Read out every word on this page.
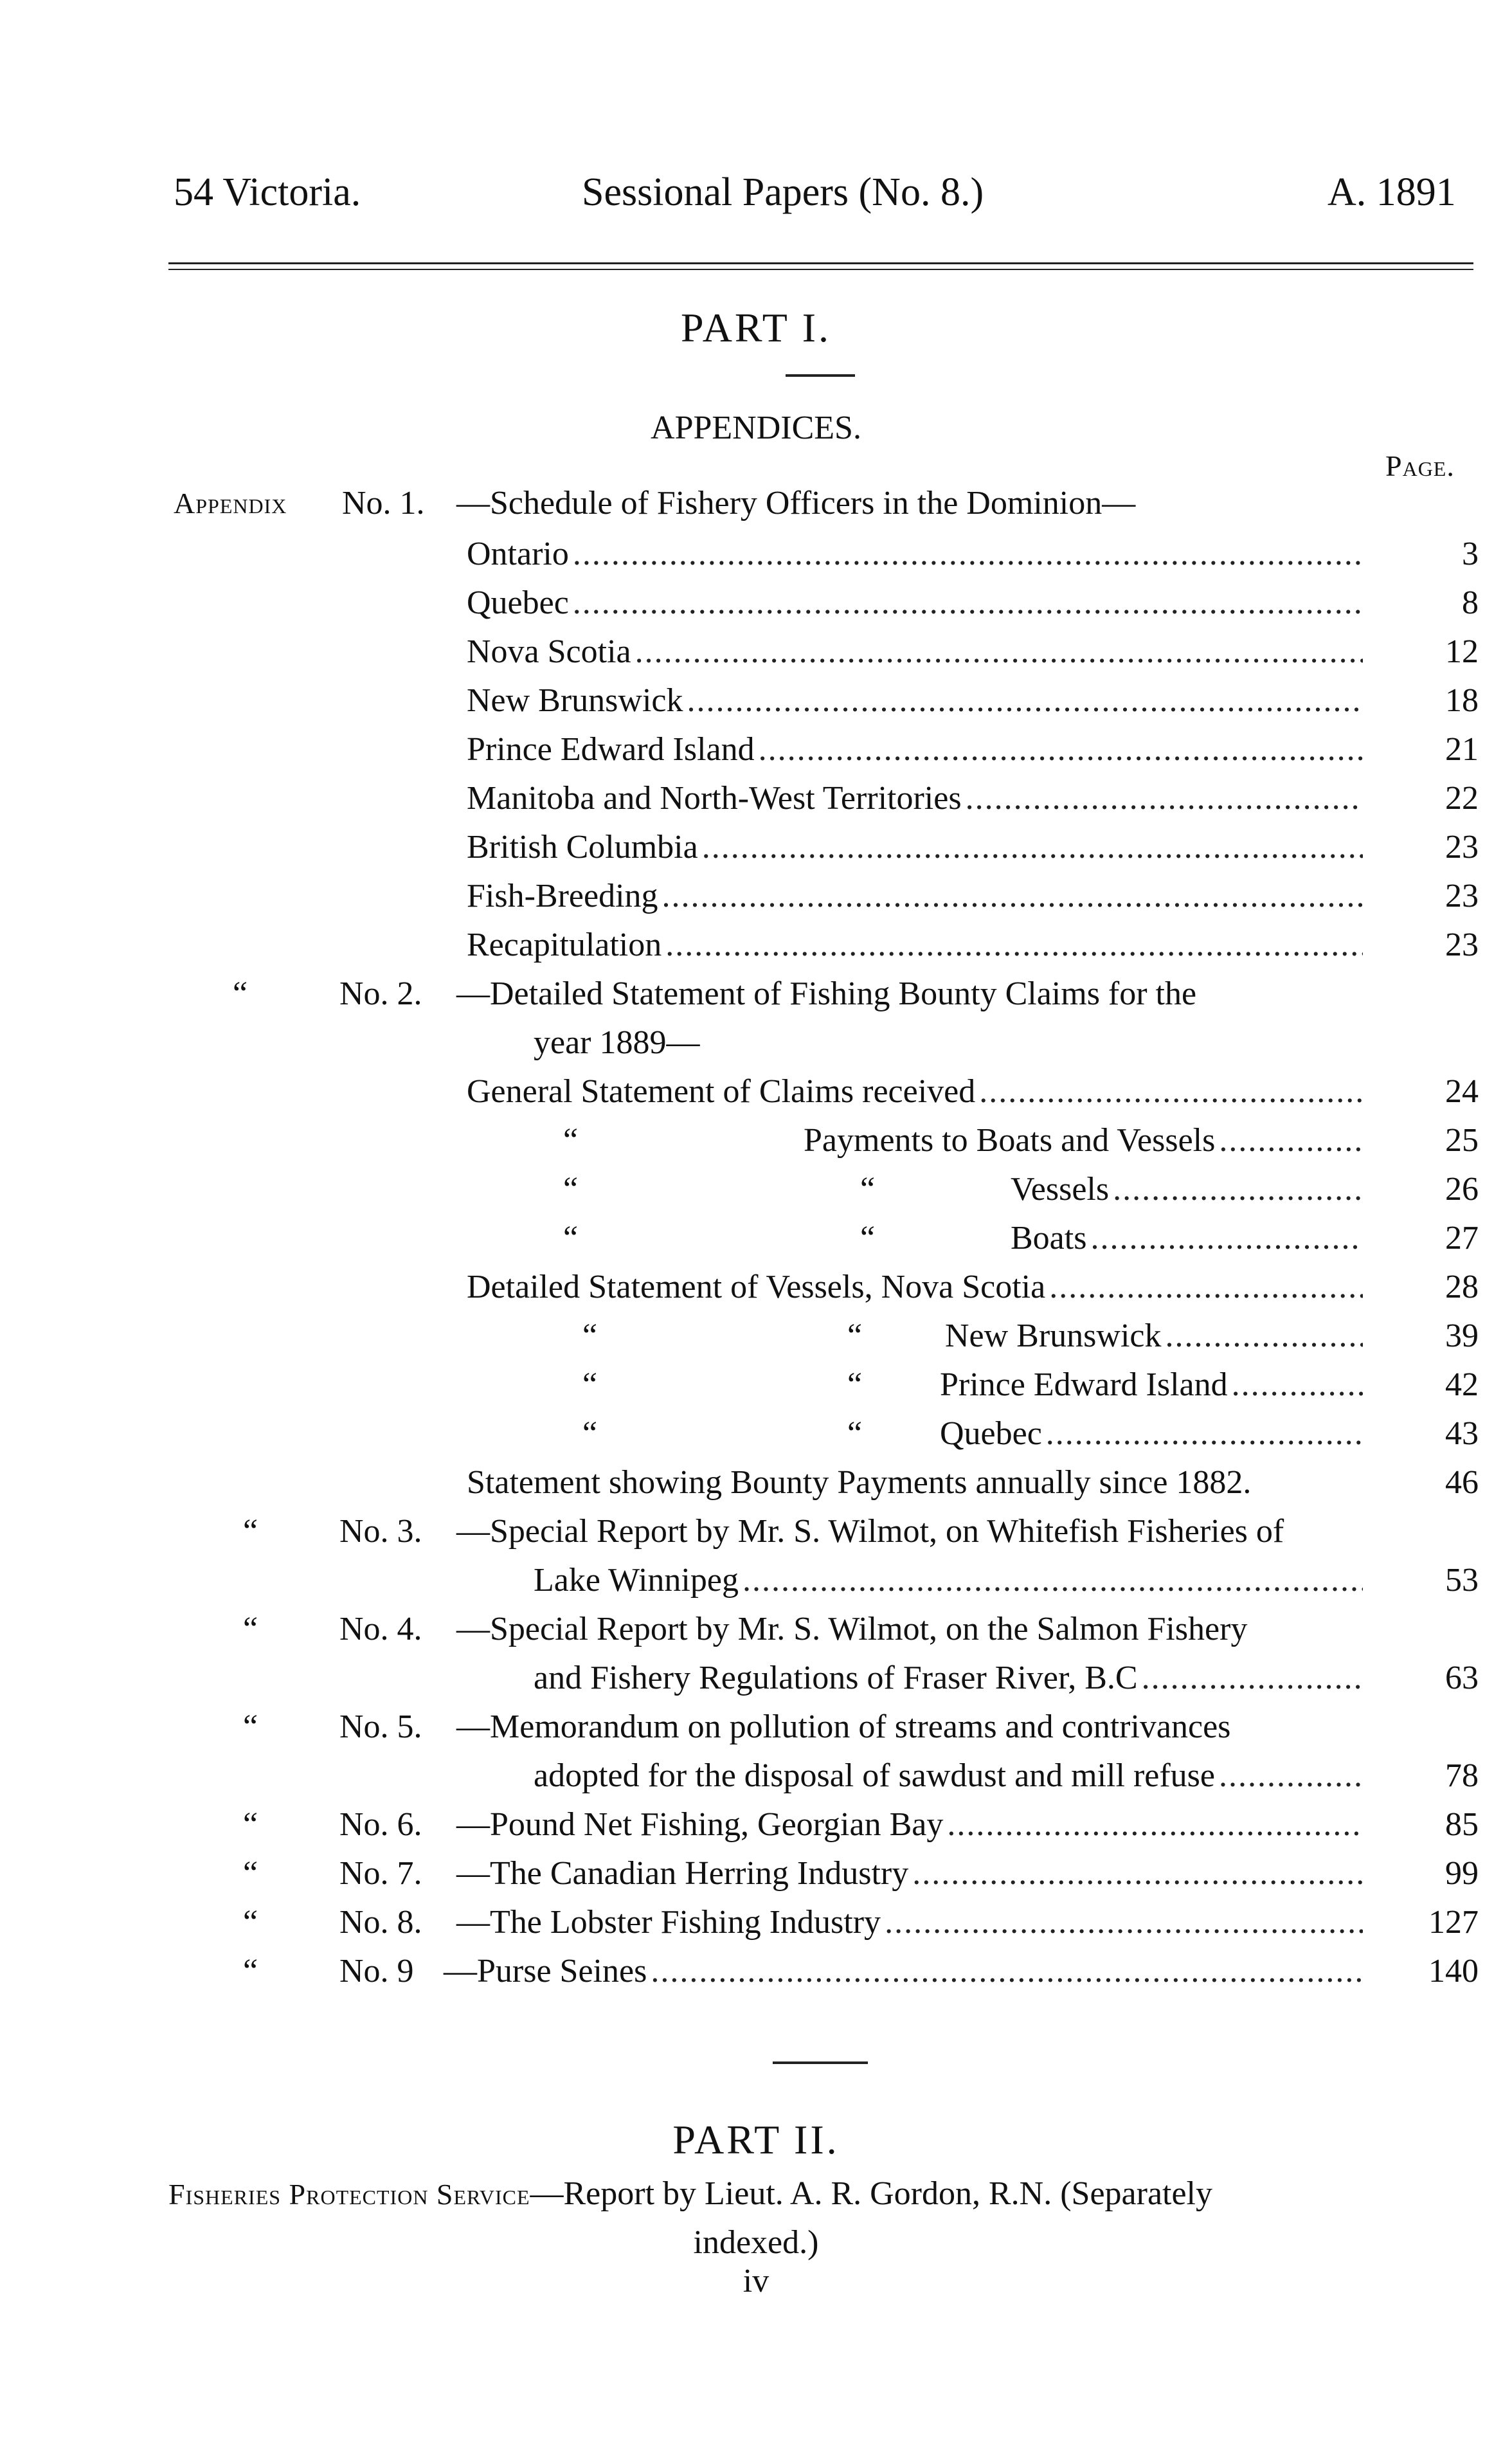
54 Victoria.	Sessional Papers (No. 8.)	A. 1891
PART I.
APPENDICES.
Page.
Appendix No. 1. —Schedule of Fishery Officers in the Dominion—
Ontario .....	3
Quebec .....	8
Nova Scotia .....	12
New Brunswick .....	18
Prince Edward Island .....	21
Manitoba and North-West Territories .....	22
British Columbia .....	23
Fish-Breeding .....	23
Recapitulation .....	23
“	No. 2. —Detailed Statement of Fishing Bounty Claims for the
year 1889—
General Statement of Claims received .....	24
“	Payments to Boats and Vessels .....	25
“	“	Vessels .....	26
“	“	Boats .....	27
Detailed Statement of Vessels, Nova Scotia .....	28
“	“ New Brunswick .....	39
“	“ Prince Edward Island .....	42
“	“ Quebec .....	43
Statement showing Bounty Payments annually since 1882.	46
“ No. 3. —Special Report by Mr. S. Wilmot, on Whitefish Fisheries of
Lake Winnipeg .....	53
“ No. 4. —Special Report by Mr. S. Wilmot, on the Salmon Fishery
and Fishery Regulations of Fraser River, B.C .....	63
“ No. 5. —Memorandum on pollution of streams and contrivances
adopted for the disposal of sawdust and mill refuse .....	78
“ No. 6. —Pound Net Fishing, Georgian Bay .....	85
“ No. 7. —The Canadian Herring Industry .....	99
“ No. 8. —The Lobster Fishing Industry .....	127
“ No. 9 —Purse Seines .....	140
PART II.
Fisheries Protection Service—Report by Lieut. A. R. Gordon, R.N. (Separately
indexed.)
iv
